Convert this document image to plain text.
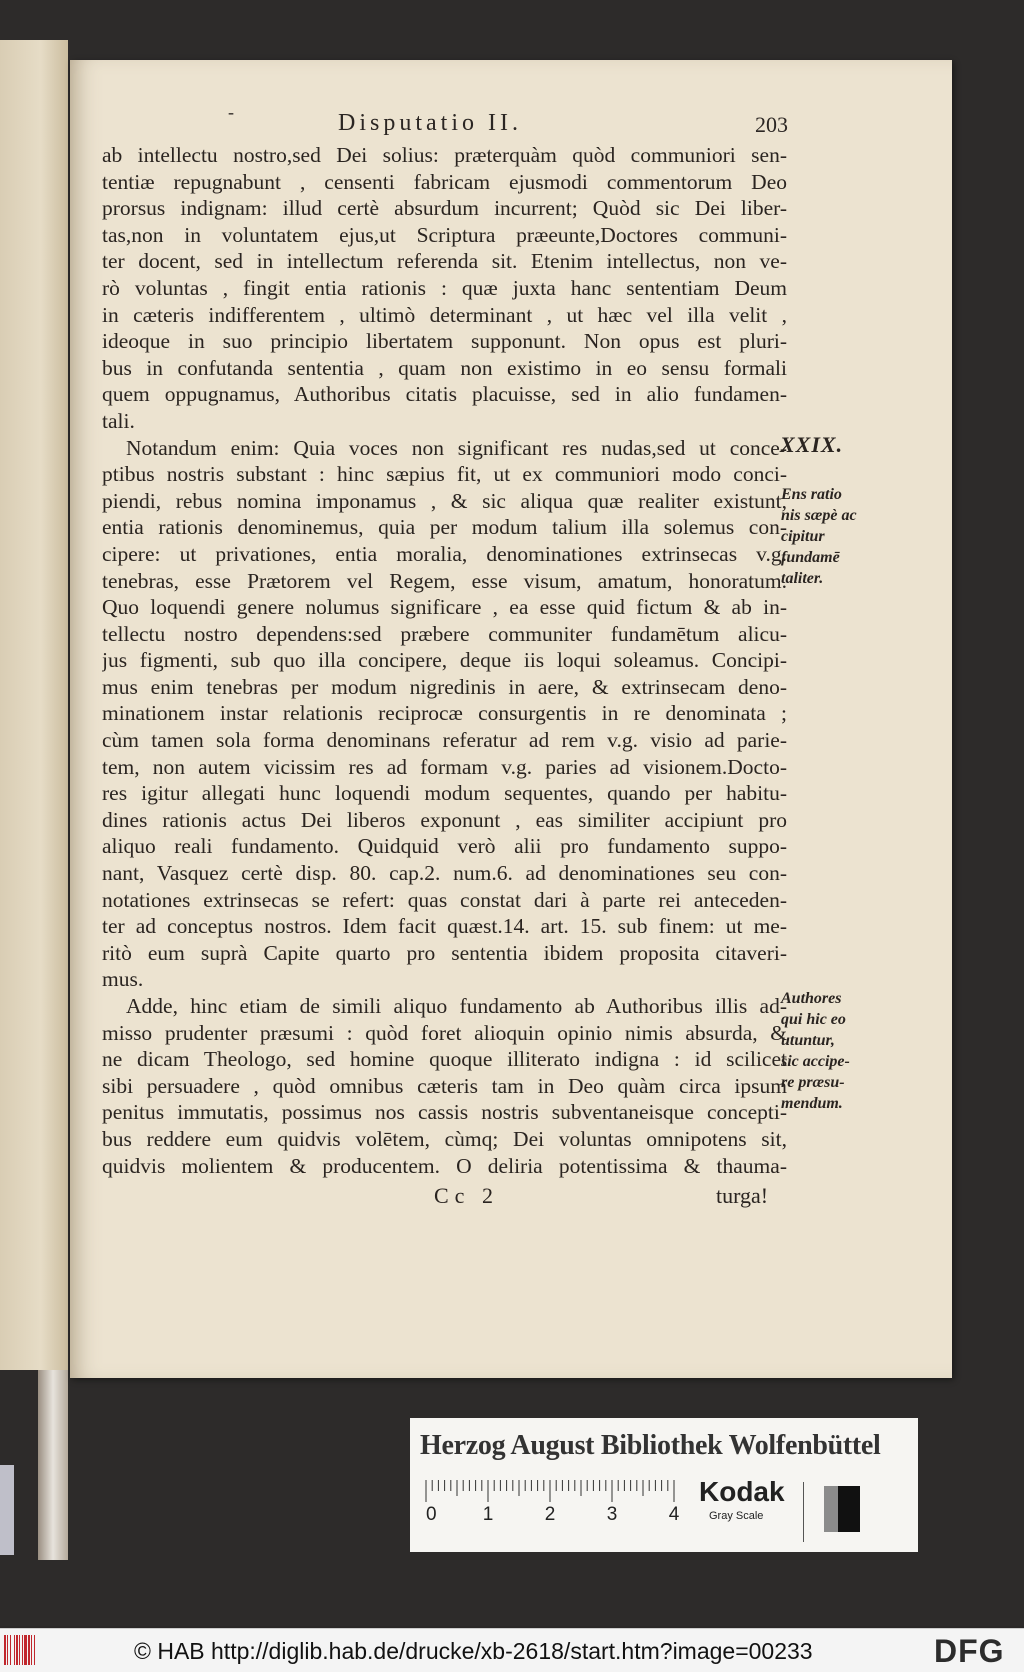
-	Disputatio II.	203
ab intellectu nostro,sed Dei solius: præterquàm quòd communiori sen-
tentiæ repugnabunt , censenti fabricam ejusmodi commentorum Deo
prorsus indignam: illud certè absurdum incurrent; Quòd sic Dei liber-
tas,non in voluntatem ejus,ut Scriptura præeunte,Doctores communi-
ter docent, sed in intellectum referenda sit. Etenim intellectus, non ve-
rò voluntas , fingit entia rationis : quæ juxta hanc sententiam Deum
in cæteris indifferentem , ultimò determinant , ut hæc vel illa velit ,
ideoque in suo principio libertatem supponunt. Non opus est pluri-
bus in confutanda sententia , quam non existimo in eo sensu formali
quem oppugnamus, Authoribus citatis placuisse, sed in alio fundamen-
tali.
Notandum enim: Quia voces non significant res nudas,sed ut conce-
ptibus nostris substant : hinc sæpius fit, ut ex communiori modo conci-
piendi, rebus nomina imponamus , & sic aliqua quæ realiter existunt,
entia rationis denominemus, quia per modum talium illa solemus con-
cipere: ut privationes, entia moralia, denominationes extrinsecas v.g.
tenebras, esse Prætorem vel Regem, esse visum, amatum, honoratum.
Quo loquendi genere nolumus significare , ea esse quid fictum & ab in-
tellectu nostro dependens:sed præbere communiter fundamētum alicu-
jus figmenti, sub quo illa concipere, deque iis loqui soleamus. Concipi-
mus enim tenebras per modum nigredinis in aere, & extrinsecam deno-
minationem instar relationis reciprocæ consurgentis in re denominata ;
cùm tamen sola forma denominans referatur ad rem v.g. visio ad parie-
tem, non autem vicissim res ad formam v.g. paries ad visionem.Docto-
res igitur allegati hunc loquendi modum sequentes, quando per habitu-
dines rationis actus Dei liberos exponunt , eas similiter accipiunt pro
aliquo reali fundamento. Quidquid verò alii pro fundamento suppo-
nant, Vasquez certè disp. 80. cap.2. num.6. ad denominationes seu con-
notationes extrinsecas se refert: quas constat dari à parte rei anteceden-
ter ad conceptus nostros. Idem facit quæst.14. art. 15. sub finem: ut me-
ritò eum suprà Capite quarto pro sententia ibidem proposita citaveri-
mus.
Adde, hinc etiam de simili aliquo fundamento ab Authoribus illis ad-
misso prudenter præsumi : quòd foret alioquin opinio nimis absurda, &
ne dicam Theologo, sed homine quoque illiterato indigna : id scilicet
sibi persuadere , quòd omnibus cæteris tam in Deo quàm circa ipsum
penitus immutatis, possimus nos cassis nostris subventaneisque concepti-
bus reddere eum quidvis volētem, cùmq; Dei voluntas omnipotens sit,
quidvis molientem & producentem. O deliria potentissima & thauma-
XXIX.
Ens ratio
nis sæpè ac
cipitur
fundamē
taliter.
Authores
qui hic eo
utuntur,
sic accipe-
re præsu-
mendum.
Cc 2	turga!
Herzog August Bibliothek Wolfenbüttel
0 1	2	3	4
Kodak
Gray Scale
© HAB http://diglib.hab.de/drucke/xb-2618/start.htm?image=00233	DFG
